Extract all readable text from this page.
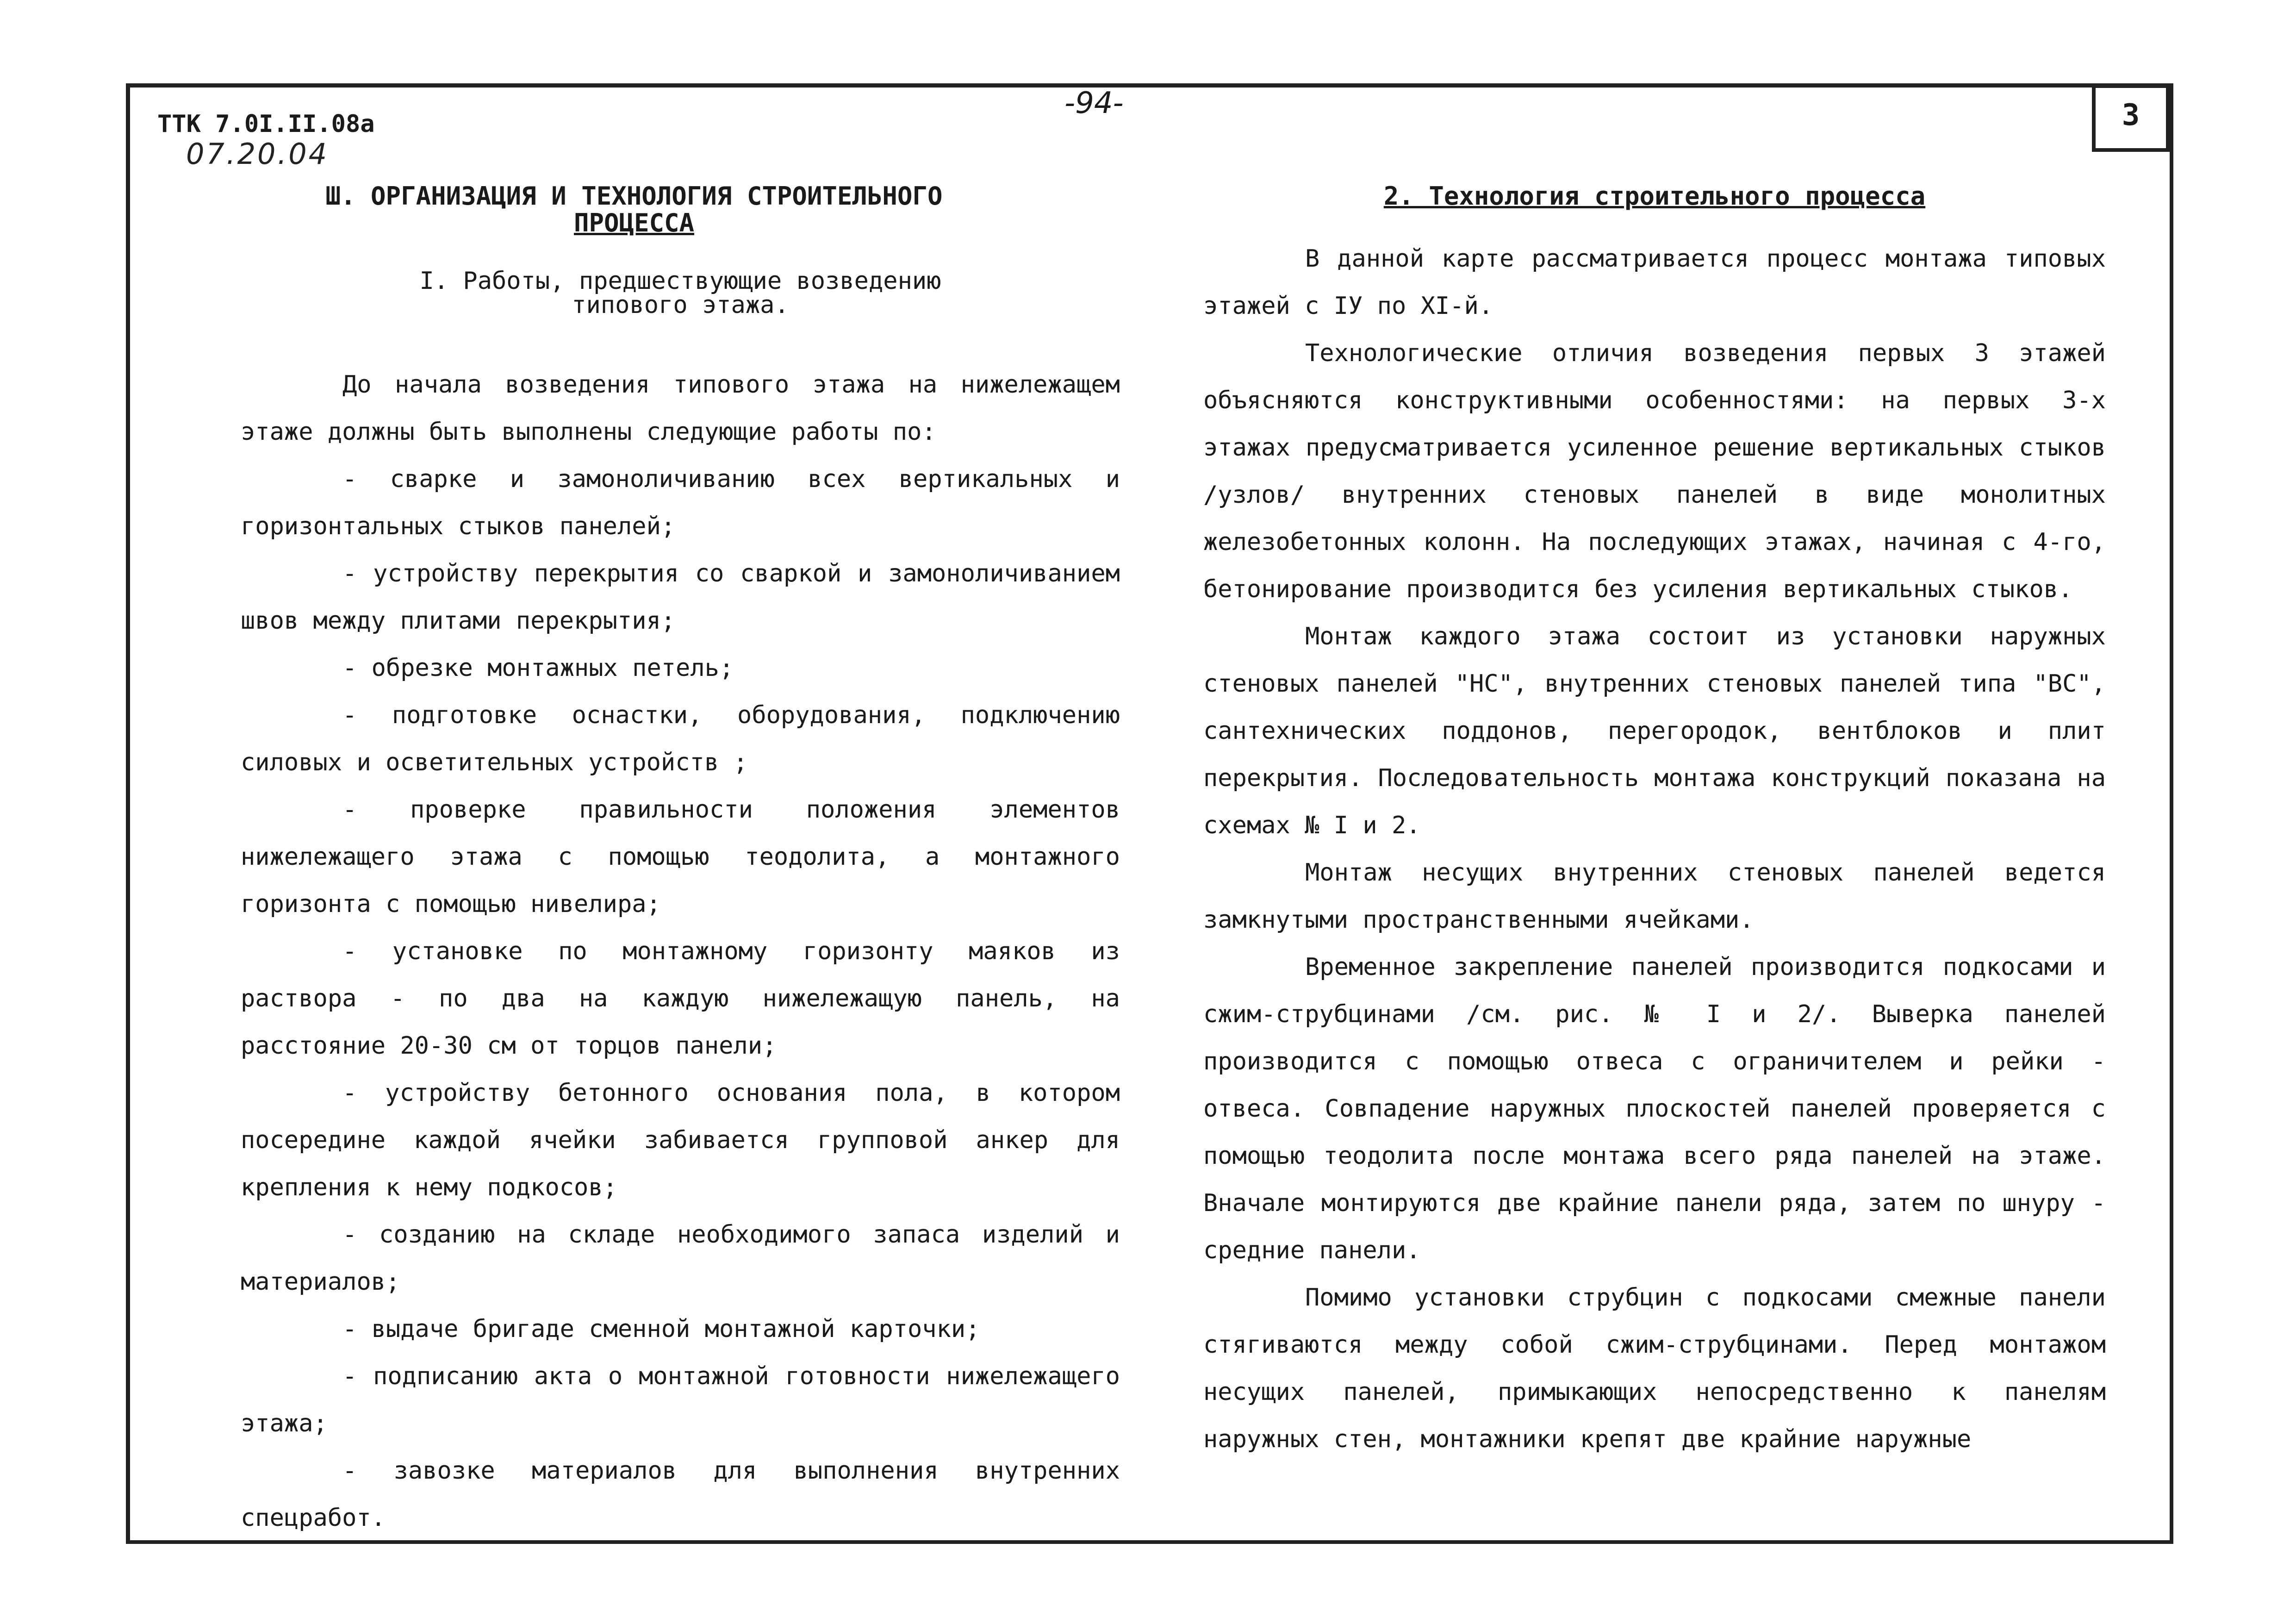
ТТК 7.0I.II.08а
07.20.04
-94-	3
Ш. ОРГАНИЗАЦИЯ И ТЕХНОЛОГИЯ СТРОИТЕЛЬНОГО
ПРОЦЕССА
I. Работы, предшествующие возведению
типового этажа.

До начала возведения типового этажа на нижележащем этаже должны быть выполнены следующие работы по:

- сварке и замоноличиванию всех вертикальных и горизонтальных стыков панелей;

- устройству перекрытия со сваркой и замоноличиванием швов между плитами перекрытия;

- обрезке монтажных петель;

- подготовке оснастки, оборудования, подключению силовых и осветительных устройств ;

- проверке правильности положения элементов нижележащего этажа с помощью теодолита, а монтажного горизонта с помощью нивелира;

- установке по монтажному горизонту маяков из раствора - по два на каждую нижележащую панель, на расстояние 20-30 см от торцов панели;

- устройству бетонного основания пола, в котором посередине каждой ячейки забивается групповой анкер для крепления к нему подкосов;

- созданию на складе необходимого запаса изделий и материалов;

- выдаче бригаде сменной монтажной карточки;

- подписанию акта о монтажной готовности нижележащего этажа;

- завозке материалов для выполнения внутренних спецработ.

2. Технология строительного процесса

В данной карте рассматривается процесс монтажа типовых этажей с IУ по XI-й.

Технологические отличия возведения первых 3 этажей объясняются конструктивными особенностями: на первых 3-х этажах предусматривается усиленное решение вертикальных стыков /узлов/ внутренних стеновых панелей в виде монолитных железобетонных колонн. На последующих этажах, начиная с 4-го, бетонирование производится без усиления вертикальных стыков.

Монтаж каждого этажа состоит из установки наружных стеновых панелей "НС", внутренних стеновых панелей типа "ВС", сантехнических поддонов, перегородок, вентблоков и плит перекрытия. Последовательность монтажа конструкций показана на схемах № I и 2.

Монтаж несущих внутренних стеновых панелей ведется замкнутыми пространственными ячейками.

Временное закрепление панелей производится подкосами и сжим-струбцинами /см. рис. № I и 2/. Выверка панелей производится с помощью отвеса с ограничителем и рейки - отвеса. Совпадение наружных плоскостей панелей проверяется с помощью теодолита после монтажа всего ряда панелей на этаже. Вначале монтируются две крайние панели ряда, затем по шнуру - средние панели.

Помимо установки струбцин с подкосами смежные панели стягиваются между собой сжим-струбцинами. Перед монтажом несущих панелей, примыкающих непосредственно к панелям наружных стен, монтажники крепят две крайние наружные
